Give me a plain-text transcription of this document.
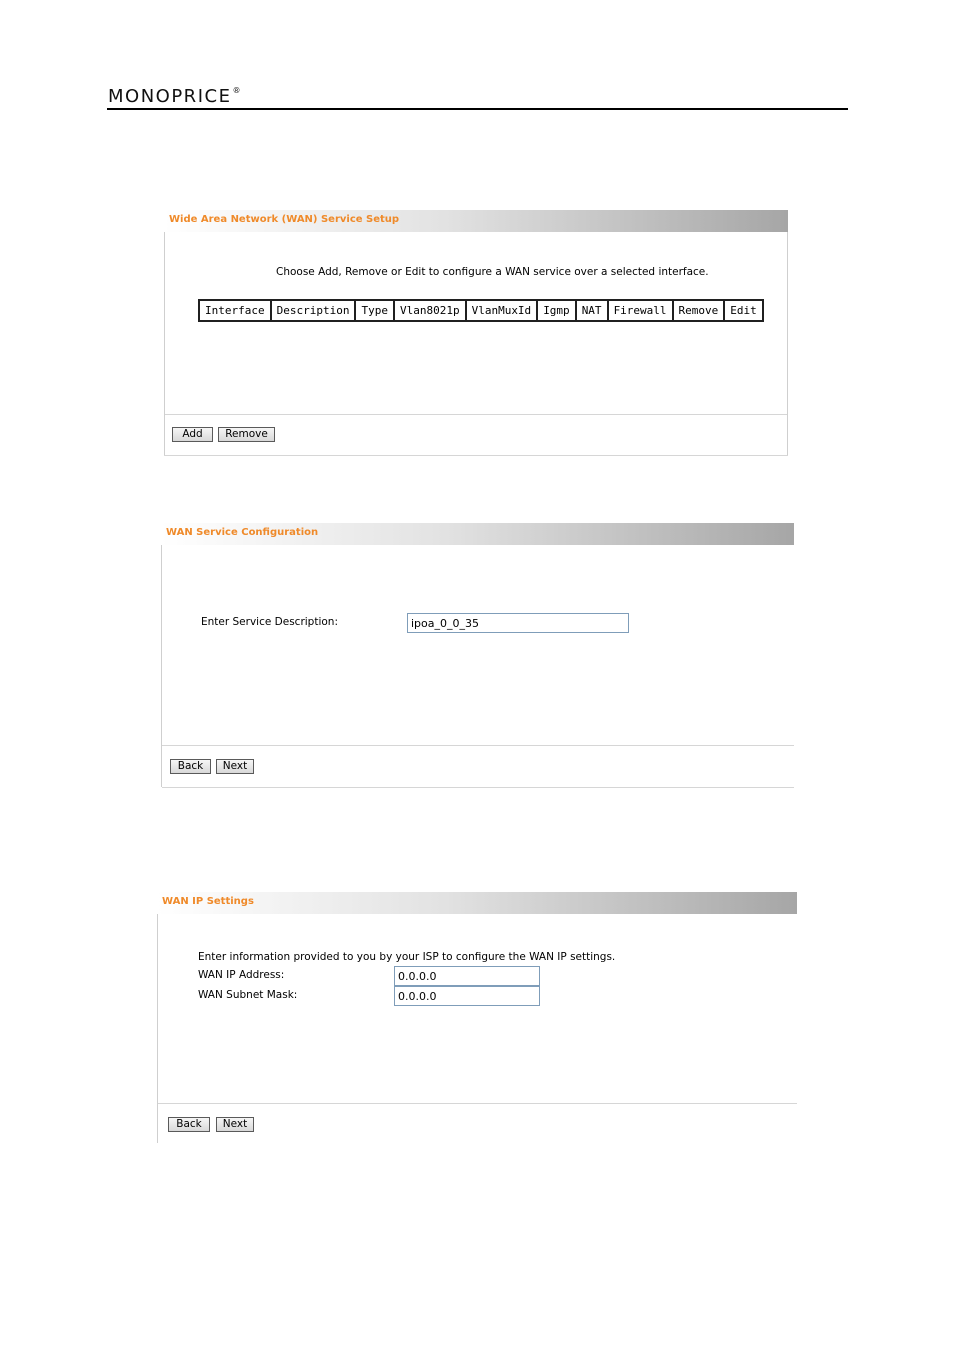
MONOPRICE®
Wide Area Network (WAN) Service Setup
Choose Add, Remove or Edit to configure a WAN service over a selected interface.
Interface	Description	Type	Vlan8021p	VlanMuxId	Igmp	NAT	Firewall	Remove	Edit
Add	Remove
WAN Service Configuration
Enter Service Description:
ipoa_0_0_35
Back	Next
WAN IP Settings
Enter information provided to you by your ISP to configure the WAN IP settings.
WAN IP Address:
0.0.0.0
WAN Subnet Mask:
0.0.0.0
Back	Next
